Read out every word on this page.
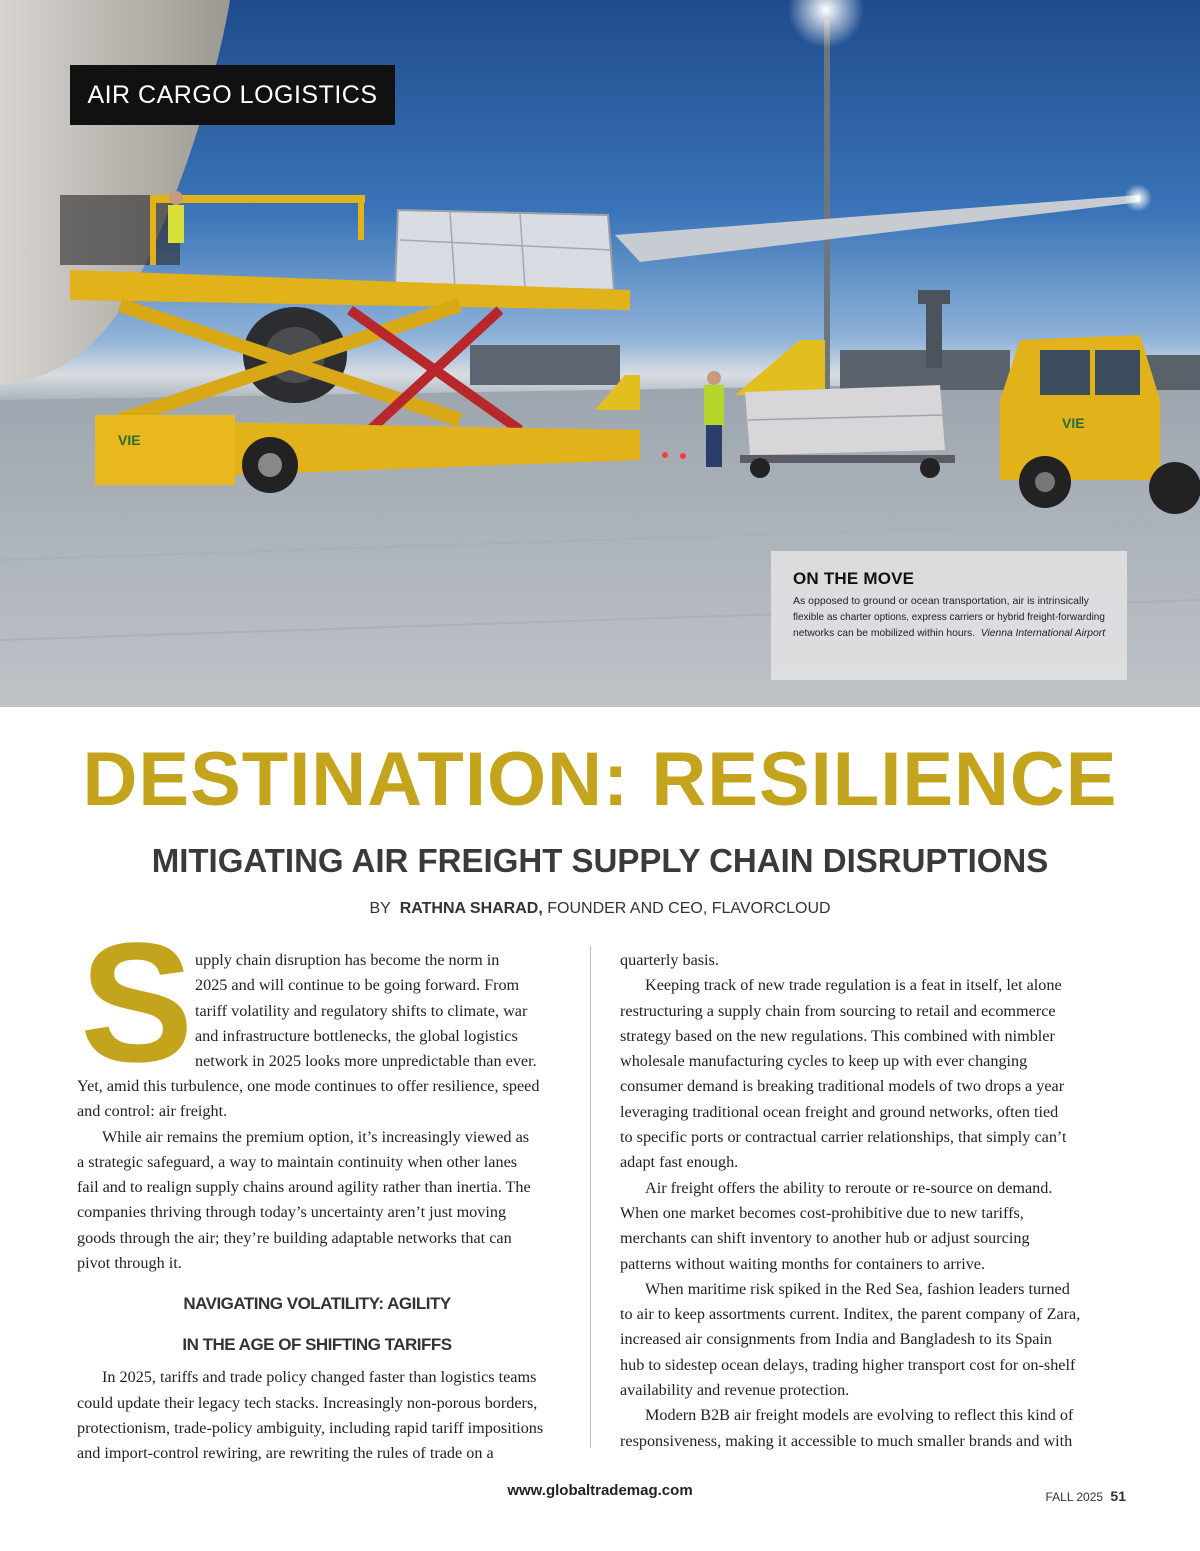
VIE
VIE
AIR CARGO LOGISTICS
ON THE MOVE
As opposed to ground or ocean transportation, air is intrinsically
flexible as charter options, express carriers or hybrid freight-forwarding
networks can be mobilized within hours. Vienna International Airport
DESTINATION: RESILIENCE
MITIGATING AIR FREIGHT SUPPLY CHAIN DISRUPTIONS
BY RATHNA SHARAD, FOUNDER AND CEO, FLAVORCLOUD
S upply chain disruption has become the norm in
2025 and will continue to be going forward. From
tariff volatility and regulatory shifts to climate, war
and infrastructure bottlenecks, the global logistics
network in 2025 looks more unpredictable than ever.
Yet, amid this turbulence, one mode continues to offer resilience, speed
and control: air freight.
While air remains the premium option, it’s increasingly viewed as
a strategic safeguard, a way to maintain continuity when other lanes
fail and to realign supply chains around agility rather than inertia. The
companies thriving through today’s uncertainty aren’t just moving
goods through the air; they’re building adaptable networks that can
pivot through it.
NAVIGATING VOLATILITY: AGILITY
IN THE AGE OF SHIFTING TARIFFS
In 2025, tariffs and trade policy changed faster than logistics teams
could update their legacy tech stacks. Increasingly non-porous borders,
protectionism, trade-policy ambiguity, including rapid tariff impositions
and import-control rewiring, are rewriting the rules of trade on a
quarterly basis.
Keeping track of new trade regulation is a feat in itself, let alone
restructuring a supply chain from sourcing to retail and ecommerce
strategy based on the new regulations. This combined with nimbler
wholesale manufacturing cycles to keep up with ever changing
consumer demand is breaking traditional models of two drops a year
leveraging traditional ocean freight and ground networks, often tied
to specific ports or contractual carrier relationships, that simply can’t
adapt fast enough.
Air freight offers the ability to reroute or re-source on demand.
When one market becomes cost-prohibitive due to new tariffs,
merchants can shift inventory to another hub or adjust sourcing
patterns without waiting months for containers to arrive.
When maritime risk spiked in the Red Sea, fashion leaders turned
to air to keep assortments current. Inditex, the parent company of Zara,
increased air consignments from India and Bangladesh to its Spain
hub to sidestep ocean delays, trading higher transport cost for on-shelf
availability and revenue protection.
Modern B2B air freight models are evolving to reflect this kind of
responsiveness, making it accessible to much smaller brands and with
www.globaltrademag.com	FALL 2025 51
